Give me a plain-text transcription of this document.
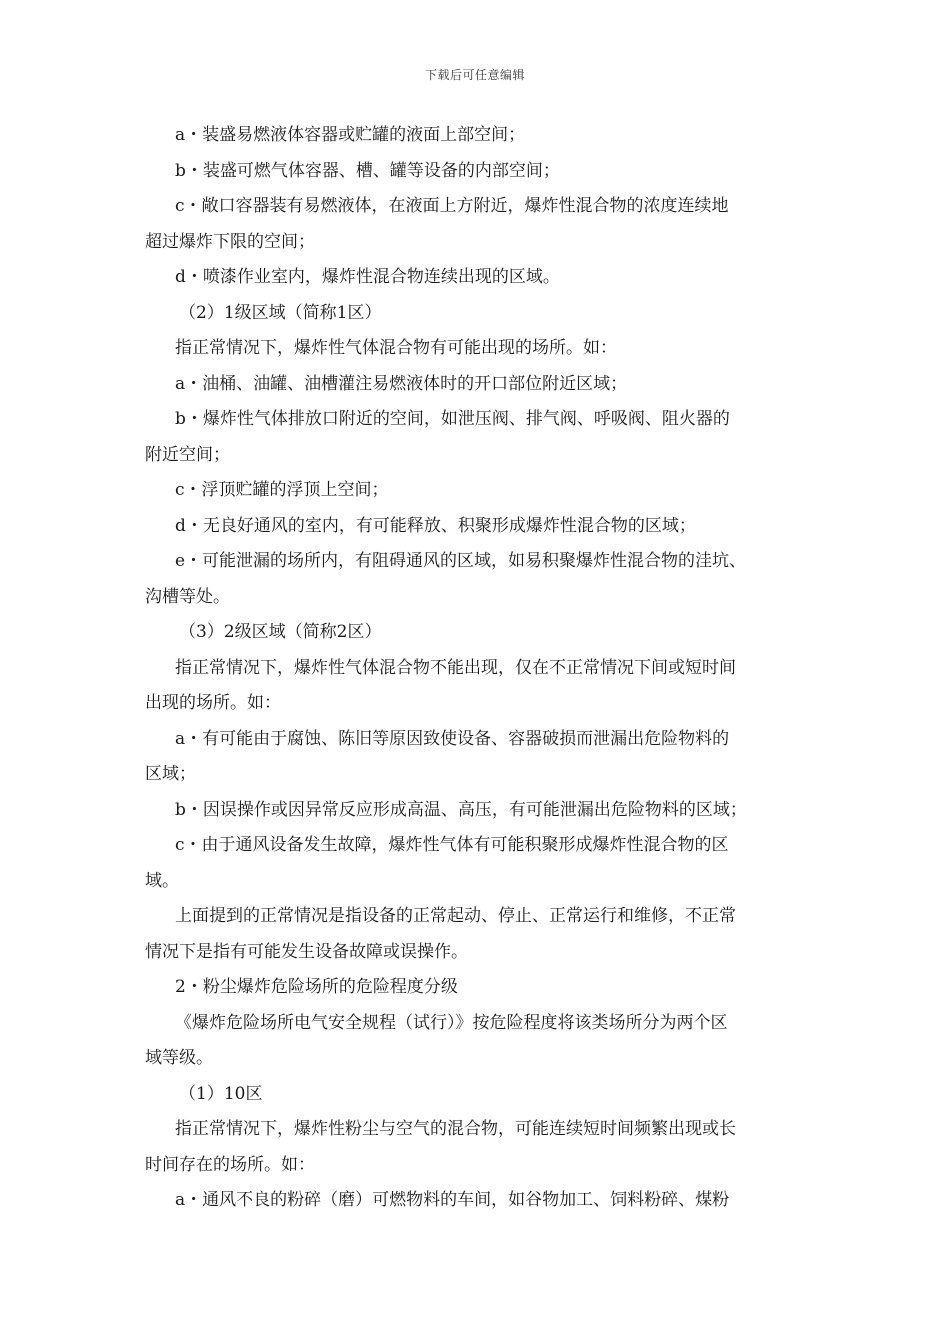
下载后可任意编辑
a・装盛易燃液体容器或贮罐的液面上部空间；
b・装盛可燃气体容器、槽、罐等设备的内部空间；
c・敞口容器装有易燃液体，在液面上方附近，爆炸性混合物的浓度连续地
超过爆炸下限的空间；
d・喷漆作业室内，爆炸性混合物连续出现的区域。
（2）1级区域（简称1区）
指正常情况下，爆炸性气体混合物有可能出现的场所。如：
a・油桶、油罐、油槽灌注易燃液体时的开口部位附近区域；
b・爆炸性气体排放口附近的空间，如泄压阀、排气阀、呼吸阀、阻火器的
附近空间；
c・浮顶贮罐的浮顶上空间；
d・无良好通风的室内，有可能释放、积聚形成爆炸性混合物的区域；
e・可能泄漏的场所内，有阻碍通风的区域，如易积聚爆炸性混合物的洼坑、
沟槽等处。
（3）2级区域（简称2区）
指正常情况下，爆炸性气体混合物不能出现，仅在不正常情况下间或短时间
出现的场所。如：
a・有可能由于腐蚀、陈旧等原因致使设备、容器破损而泄漏出危险物料的
区域；
b・因误操作或因异常反应形成高温、高压，有可能泄漏出危险物料的区域；
c・由于通风设备发生故障，爆炸性气体有可能积聚形成爆炸性混合物的区
域。
上面提到的正常情况是指设备的正常起动、停止、正常运行和维修，不正常
情况下是指有可能发生设备故障或误操作。
2・粉尘爆炸危险场所的危险程度分级
《爆炸危险场所电气安全规程（试行）》按危险程度将该类场所分为两个区
域等级。
（1）10区
指正常情况下，爆炸性粉尘与空气的混合物，可能连续短时间频繁出现或长
时间存在的场所。如：
a・通风不良的粉碎（磨）可燃物料的车间，如谷物加工、饲料粉碎、煤粉
